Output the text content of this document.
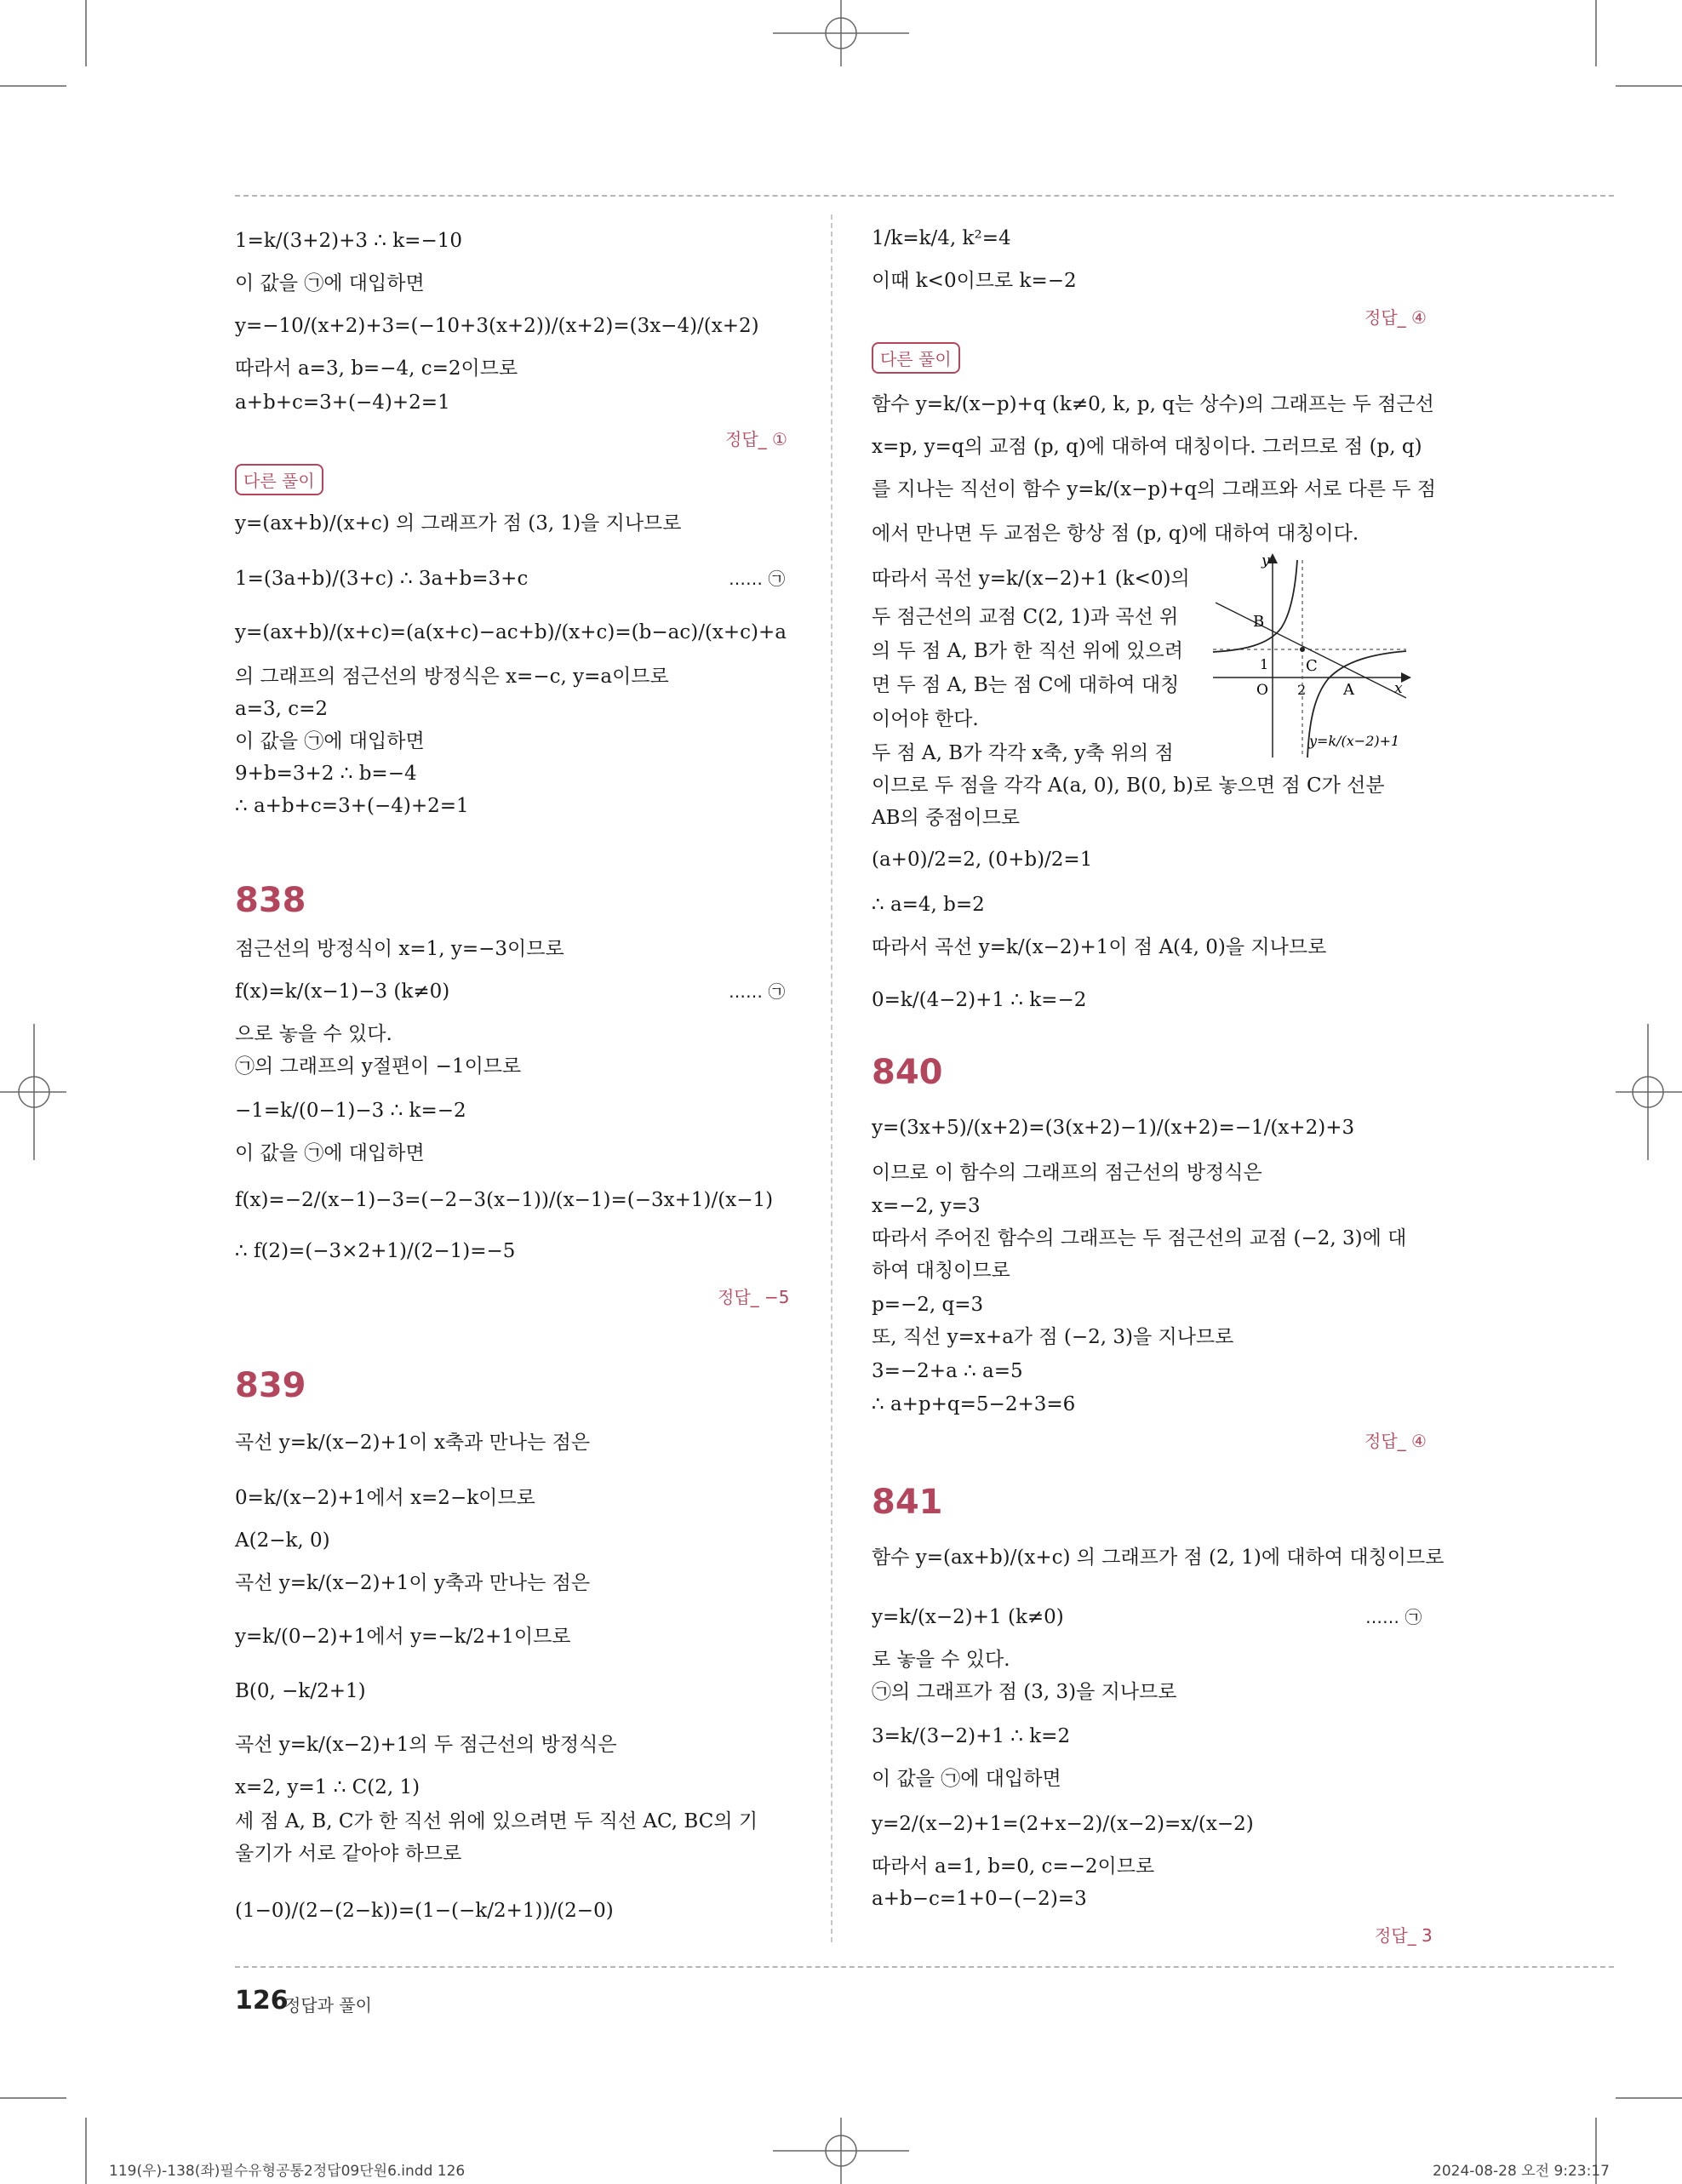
1=k/(3+2)+3 ∴ k=−10
이 값을 ㉠에 대입하면
y=−10/(x+2)+3=(−10+3(x+2))/(x+2)=(3x−4)/(x+2)
따라서 a=3, b=−4, c=2이므로
a+b+c=3+(−4)+2=1
정답_ ①
다른 풀이
y=(ax+b)/(x+c) 의 그래프가 점 (3, 1)을 지나므로
1=(3a+b)/(3+c) ∴ 3a+b=3+c	…… ㉠
y=(ax+b)/(x+c)=(a(x+c)−ac+b)/(x+c)=(b−ac)/(x+c)+a
의 그래프의 점근선의 방정식은 x=−c, y=a이므로
a=3, c=2
이 값을 ㉠에 대입하면
9+b=3+2 ∴ b=−4
∴ a+b+c=3+(−4)+2=1
838
점근선의 방정식이 x=1, y=−3이므로
f(x)=k/(x−1)−3 (k≠0)	…… ㉠
으로 놓을 수 있다.
㉠의 그래프의 y절편이 −1이므로
−1=k/(0−1)−3 ∴ k=−2
이 값을 ㉠에 대입하면
f(x)=−2/(x−1)−3=(−2−3(x−1))/(x−1)=(−3x+1)/(x−1)
∴ f(2)=(−3×2+1)/(2−1)=−5
정답_ −5
839
곡선 y=k/(x−2)+1이 x축과 만나는 점은
0=k/(x−2)+1에서 x=2−k이므로
A(2−k, 0)
곡선 y=k/(x−2)+1이 y축과 만나는 점은
y=k/(0−2)+1에서 y=−k/2+1이므로
B(0, −k/2+1)
곡선 y=k/(x−2)+1의 두 점근선의 방정식은
x=2, y=1 ∴ C(2, 1)
세 점 A, B, C가 한 직선 위에 있으려면 두 직선 AC, BC의 기
울기가 서로 같아야 하므로
(1−0)/(2−(2−k))=(1−(−k/2+1))/(2−0)
1/k=k/4, k²=4
이때 k<0이므로 k=−2
정답_ ④
다른 풀이
함수 y=k/(x−p)+q (k≠0, k, p, q는 상수)의 그래프는 두 점근선
x=p, y=q의 교점 (p, q)에 대하여 대칭이다. 그러므로 점 (p, q)
를 지나는 직선이 함수 y=k/(x−p)+q의 그래프와 서로 다른 두 점
에서 만나면 두 교점은 항상 점 (p, q)에 대하여 대칭이다.
따라서 곡선 y=k/(x−2)+1 (k<0)의
두 점근선의 교점 C(2, 1)과 곡선 위
의 두 점 A, B가 한 직선 위에 있으려
면 두 점 A, B는 점 C에 대하여 대칭
이어야 한다.
두 점 A, B가 각각 x축, y축 위의 점
이므로 두 점을 각각 A(a, 0), B(0, b)로 놓으면 점 C가 선분
AB의 중점이므로
(a+0)/2=2, (0+b)/2=1
∴ a=4, b=2
따라서 곡선 y=k/(x−2)+1이 점 A(4, 0)을 지나므로
0=k/(4−2)+1 ∴ k=−2
y
B
1 C
O 2 A	x
y=k/(x−2)+1
840
y=(3x+5)/(x+2)=(3(x+2)−1)/(x+2)=−1/(x+2)+3
이므로 이 함수의 그래프의 점근선의 방정식은
x=−2, y=3
따라서 주어진 함수의 그래프는 두 점근선의 교점 (−2, 3)에 대
하여 대칭이므로
p=−2, q=3
또, 직선 y=x+a가 점 (−2, 3)을 지나므로
3=−2+a ∴ a=5
∴ a+p+q=5−2+3=6
정답_ ④
841
함수 y=(ax+b)/(x+c) 의 그래프가 점 (2, 1)에 대하여 대칭이므로
y=k/(x−2)+1 (k≠0)	…… ㉠
로 놓을 수 있다.
㉠의 그래프가 점 (3, 3)을 지나므로
3=k/(3−2)+1 ∴ k=2
이 값을 ㉠에 대입하면
y=2/(x−2)+1=(2+x−2)/(x−2)=x/(x−2)
따라서 a=1, b=0, c=−2이므로
a+b−c=1+0−(−2)=3
정답_ 3
126
정답과 풀이
119(우)-138(좌)필수유형공통2정답09단원6.indd 126	2024-08-28 오전 9:23:17
